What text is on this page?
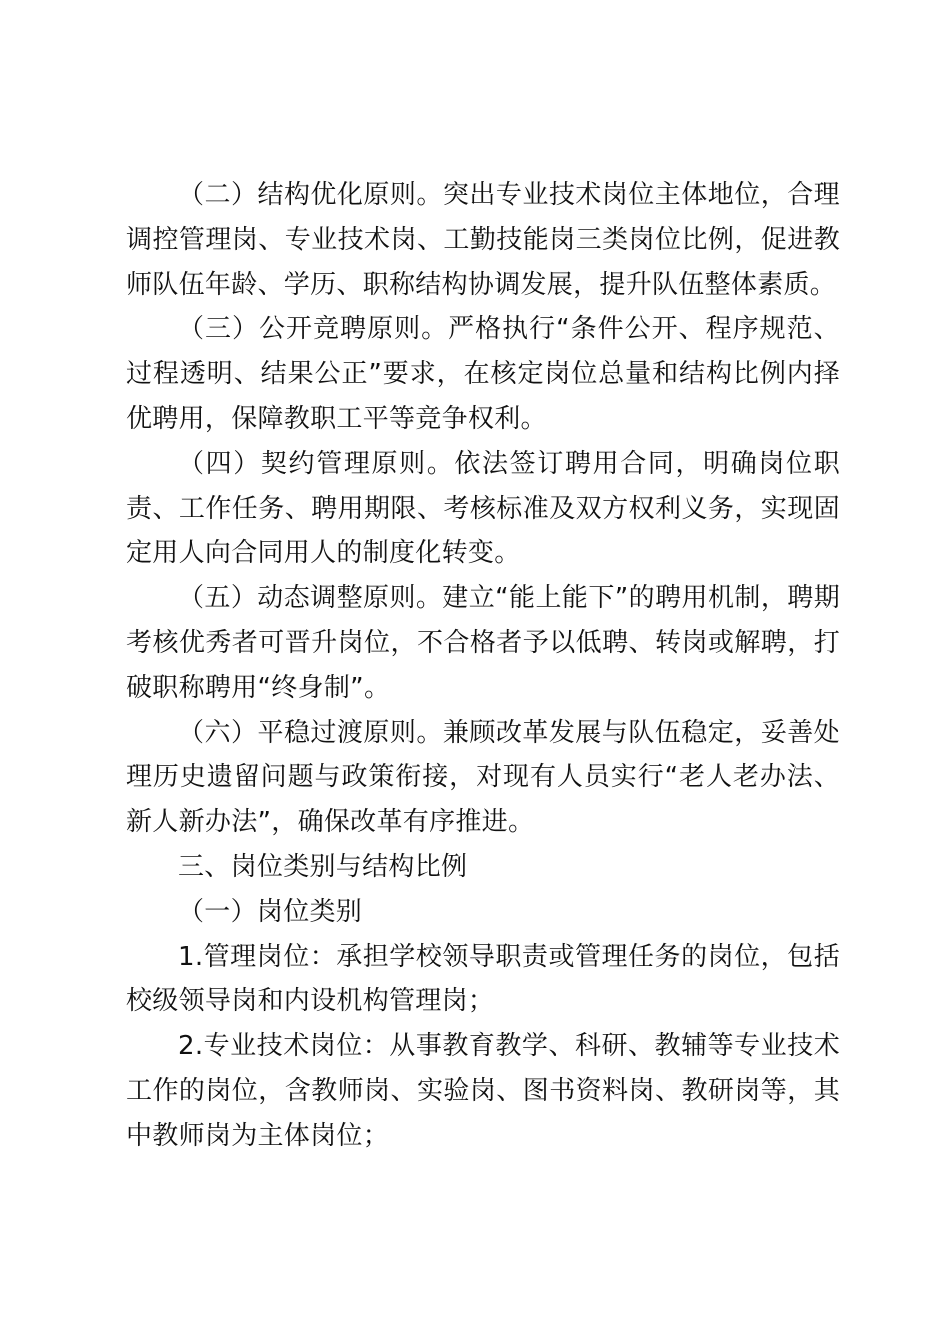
（二）结构优化原则。突出专业技术岗位主体地位，合理调控管理岗、专业技术岗、工勤技能岗三类岗位比例，促进教师队伍年龄、学历、职称结构协调发展，提升队伍整体素质。

（三）公开竞聘原则。严格执行“条件公开、程序规范、过程透明、结果公正”要求，在核定岗位总量和结构比例内择优聘用，保障教职工平等竞争权利。

（四）契约管理原则。依法签订聘用合同，明确岗位职责、工作任务、聘用期限、考核标准及双方权利义务，实现固定用人向合同用人的制度化转变。

（五）动态调整原则。建立“能上能下”的聘用机制，聘期考核优秀者可晋升岗位，不合格者予以低聘、转岗或解聘，打破职称聘用“终身制”。

（六）平稳过渡原则。兼顾改革发展与队伍稳定，妥善处理历史遗留问题与政策衔接，对现有人员实行“老人老办法、新人新办法”，确保改革有序推进。

三、岗位类别与结构比例

（一）岗位类别

1.管理岗位：承担学校领导职责或管理任务的岗位，包括校级领导岗和内设机构管理岗；

2.专业技术岗位：从事教育教学、科研、教辅等专业技术工作的岗位，含教师岗、实验岗、图书资料岗、教研岗等，其中教师岗为主体岗位；
